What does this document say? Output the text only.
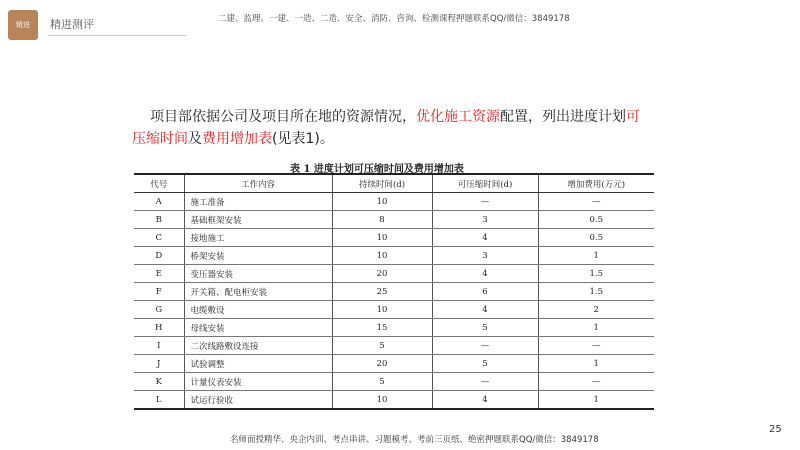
精进 精进测评	二建、监理、一建、一造、二造、安全、消防、咨询、检测课程押题联系QQ/微信：3849178
项目部依据公司及项目所在地的资源情况，优化施工资源配置，列出进度计划可压缩时间及费用增加表(见表1)。
表 1 进度计划可压缩时间及费用增加表
代号	工作内容	持续时间(d)	可压缩时间(d)	增加费用(万元)
A	施工准备	10	—	—
B	基础框架安装	8	3	0.5
C	接地施工	10	4	0.5
D	桥架安装	10	3	1
E	变压器安装	20	4	1.5
F	开关箱、配电柜安装	25	6	1.5
G	电缆敷设	10	4	2
H	母线安装	15	5	1
I	二次线路敷设连接	5	—	—
J	试验调整	20	5	1
K	计量仪表安装	5	—	—
L	试运行验收	10	4	1
名师面授精华、央企内训、考点串讲、习题模考、考前三页纸、绝密押题联系QQ/微信：3849178
25
